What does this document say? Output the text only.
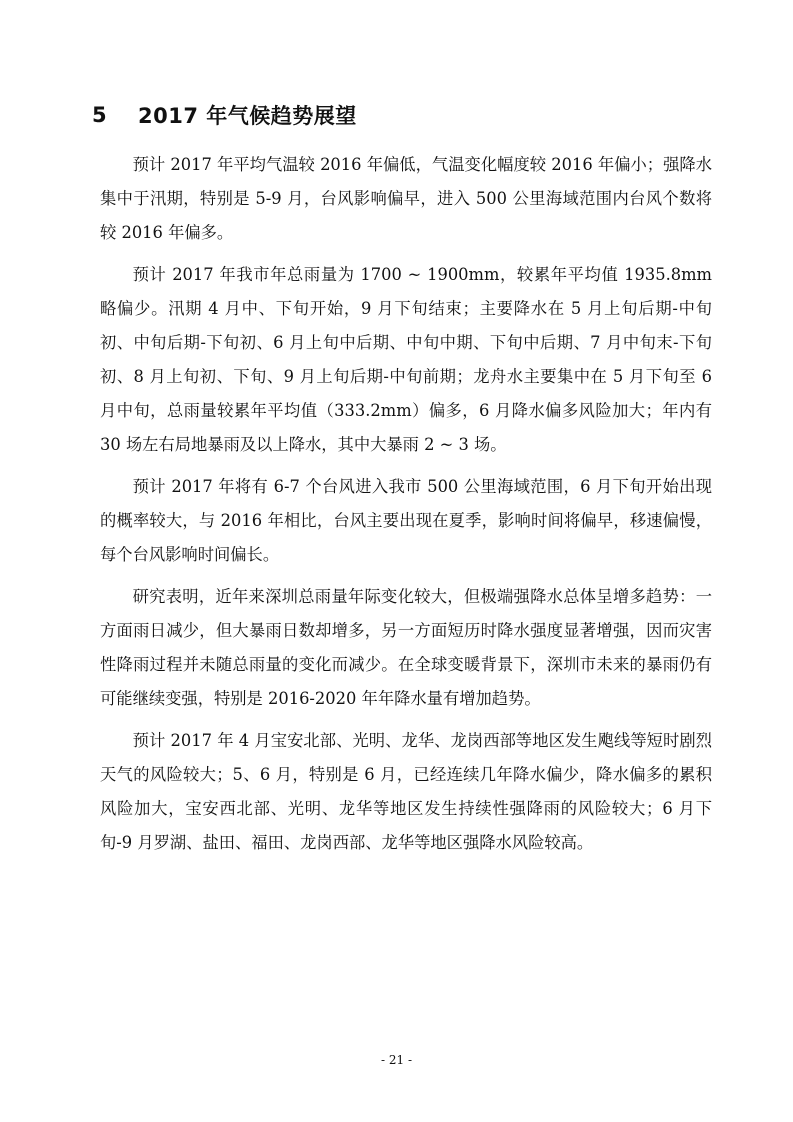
5	2017 年气候趋势展望

预计 2017 年平均气温较 2016 年偏低，气温变化幅度较 2016 年偏小；强降水集中于汛期，特别是 5-9 月，台风影响偏早，进入 500 公里海域范围内台风个数将较 2016 年偏多。

预计 2017 年我市年总雨量为 1700 ~ 1900mm，较累年平均值 1935.8mm 略偏少。汛期 4 月中、下旬开始，9 月下旬结束；主要降水在 5 月上旬后期-中旬初、中旬后期-下旬初、6 月上旬中后期、中旬中期、下旬中后期、7 月中旬末-下旬初、8 月上旬初、下旬、9 月上旬后期-中旬前期；龙舟水主要集中在 5 月下旬至 6 月中旬，总雨量较累年平均值（333.2mm）偏多，6 月降水偏多风险加大；年内有 30 场左右局地暴雨及以上降水，其中大暴雨 2 ~ 3 场。

预计 2017 年将有 6-7 个台风进入我市 500 公里海域范围，6 月下旬开始出现的概率较大，与 2016 年相比，台风主要出现在夏季，影响时间将偏早，移速偏慢，每个台风影响时间偏长。

研究表明，近年来深圳总雨量年际变化较大，但极端强降水总体呈增多趋势：一方面雨日减少，但大暴雨日数却增多，另一方面短历时降水强度显著增强，因而灾害性降雨过程并未随总雨量的变化而减少。在全球变暖背景下，深圳市未来的暴雨仍有可能继续变强，特别是 2016-2020 年年降水量有增加趋势。

预计 2017 年 4 月宝安北部、光明、龙华、龙岗西部等地区发生飑线等短时剧烈天气的风险较大；5、6 月，特别是 6 月，已经连续几年降水偏少，降水偏多的累积风险加大，宝安西北部、光明、龙华等地区发生持续性强降雨的风险较大；6 月下旬-9 月罗湖、盐田、福田、龙岗西部、龙华等地区强降水风险较高。

- 21 -
